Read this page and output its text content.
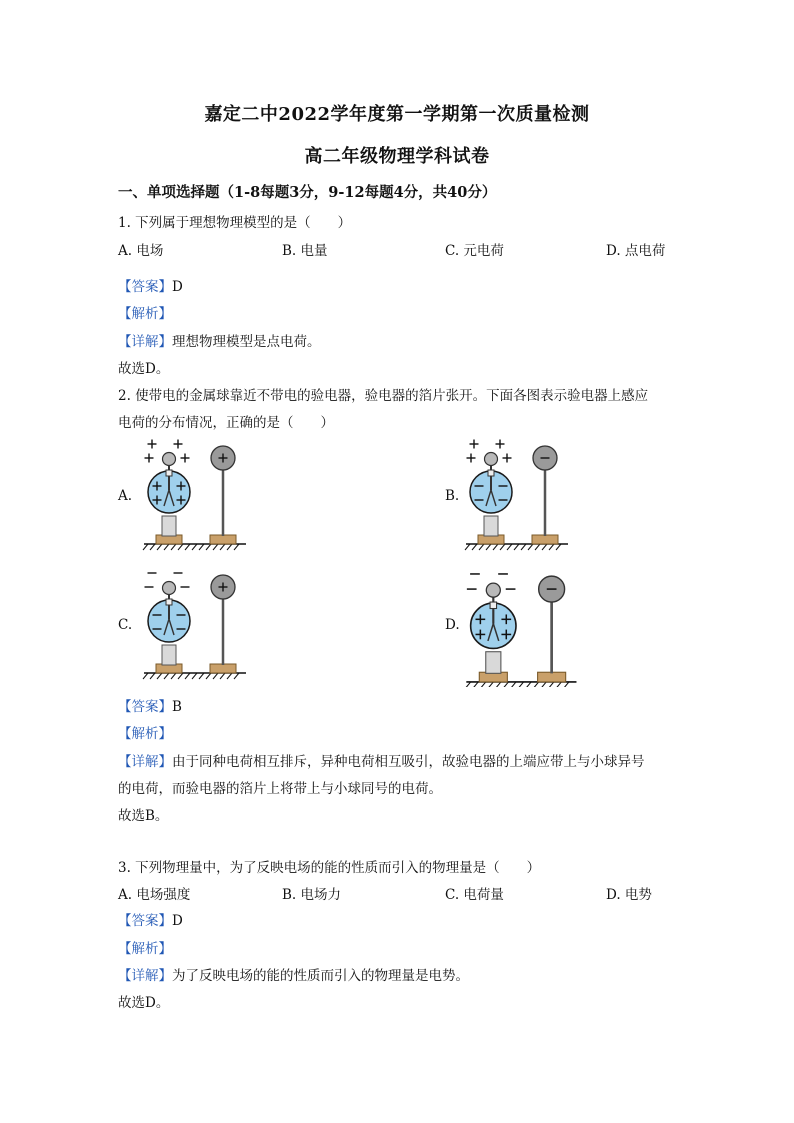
嘉定二中2022学年度第一学期第一次质量检测
高二年级物理学科试卷
一、单项选择题（1-8每题3分，9-12每题4分，共40分）
1. 下列属于理想物理模型的是（　　）
A. 电场	B. 电量	C. 元电荷	D. 点电荷
【答案】D
【解析】
【详解】理想物理模型是点电荷。
故选D。
2. 使带电的金属球靠近不带电的验电器，验电器的箔片张开。下面各图表示验电器上感应
电荷的分布情况，正确的是（　　）
A.	B.
C.	D.
【答案】B
【解析】
【详解】由于同种电荷相互排斥，异种电荷相互吸引，故验电器的上端应带上与小球异号
的电荷，而验电器的箔片上将带上与小球同号的电荷。
故选B。
3. 下列物理量中，为了反映电场的能的性质而引入的物理量是（　　）
A. 电场强度	B. 电场力	C. 电荷量	D. 电势
【答案】D
【解析】
【详解】为了反映电场的能的性质而引入的物理量是电势。
故选D。
